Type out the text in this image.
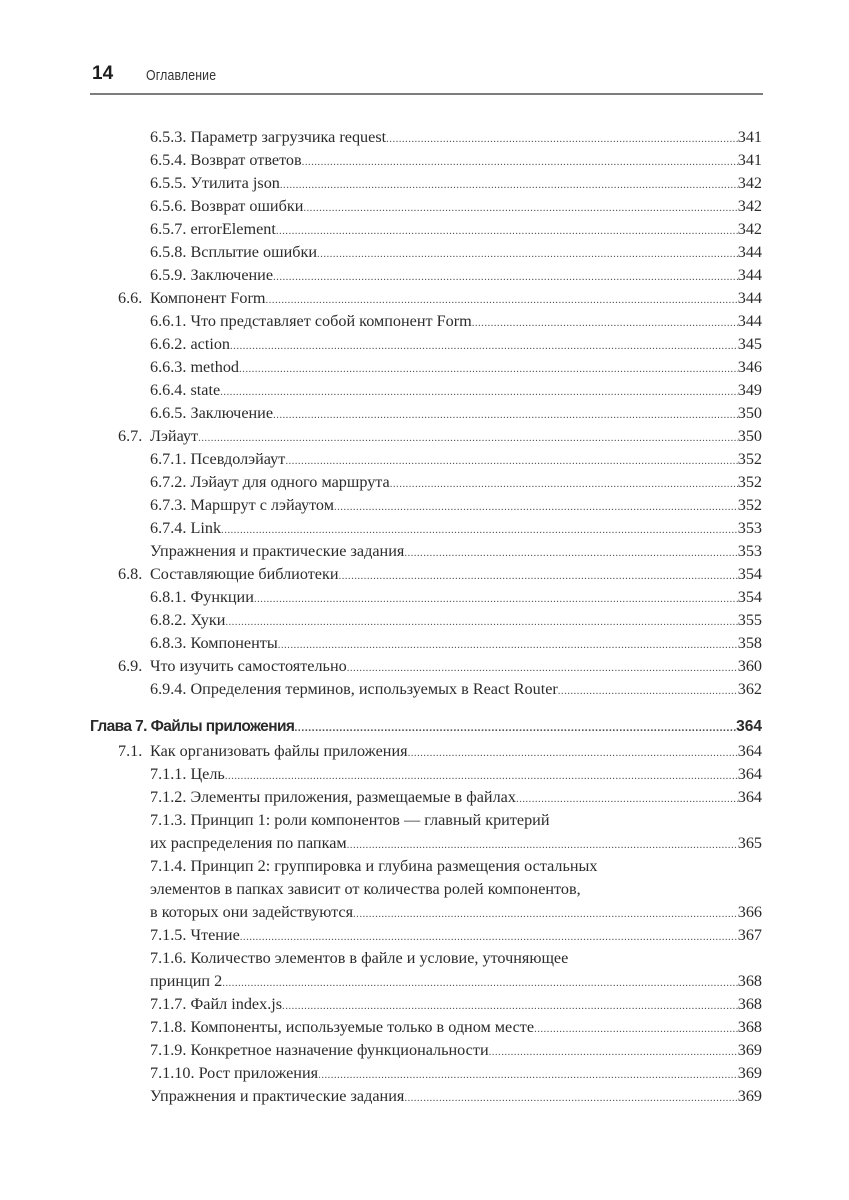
14 Оглавление
6.5.3. Параметр загрузчика request .....	341
6.5.4. Возврат ответов .....	341
6.5.5. Утилита json .....	342
6.5.6. Возврат ошибки .....	342
6.5.7. errorElement .....	342
6.5.8. Всплытие ошибки .....	344
6.5.9. Заключение .....	344
6.6. Компонент Form .....	344
6.6.1. Что представляет собой компонент Form .....	344
6.6.2. action .....	345
6.6.3. method .....	346
6.6.4. state .....	349
6.6.5. Заключение .....	350
6.7. Лэйаут .....	350
6.7.1. Псевдолэйаут .....	352
6.7.2. Лэйаут для одного маршрута .....	352
6.7.3. Маршрут с лэйаутом .....	352
6.7.4. Link .....	353
Упражнения и практические задания .....	353
6.8. Составляющие библиотеки .....	354
6.8.1. Функции .....	354
6.8.2. Хуки .....	355
6.8.3. Компоненты .....	358
6.9. Что изучить самостоятельно .....	360
6.9.4. Определения терминов, используемых в React Router .....	362
Глава 7. Файлы приложения .....	364
7.1. Как организовать файлы приложения .....	364
7.1.1. Цель .....	364
7.1.2. Элементы приложения, размещаемые в файлах .....	364
7.1.3. Принцип 1: роли компонентов — главный критерий
их распределения по папкам .....	365
7.1.4. Принцип 2: группировка и глубина размещения остальных
элементов в папках зависит от количества ролей компонентов,
в которых они задействуются .....	366
7.1.5. Чтение .....	367
7.1.6. Количество элементов в файле и условие, уточняющее
принцип 2 .....	368
7.1.7. Файл index.js .....	368
7.1.8. Компоненты, используемые только в одном месте .....	368
7.1.9. Конкретное назначение функциональности .....	369
7.1.10. Рост приложения .....	369
Упражнения и практические задания .....	369
